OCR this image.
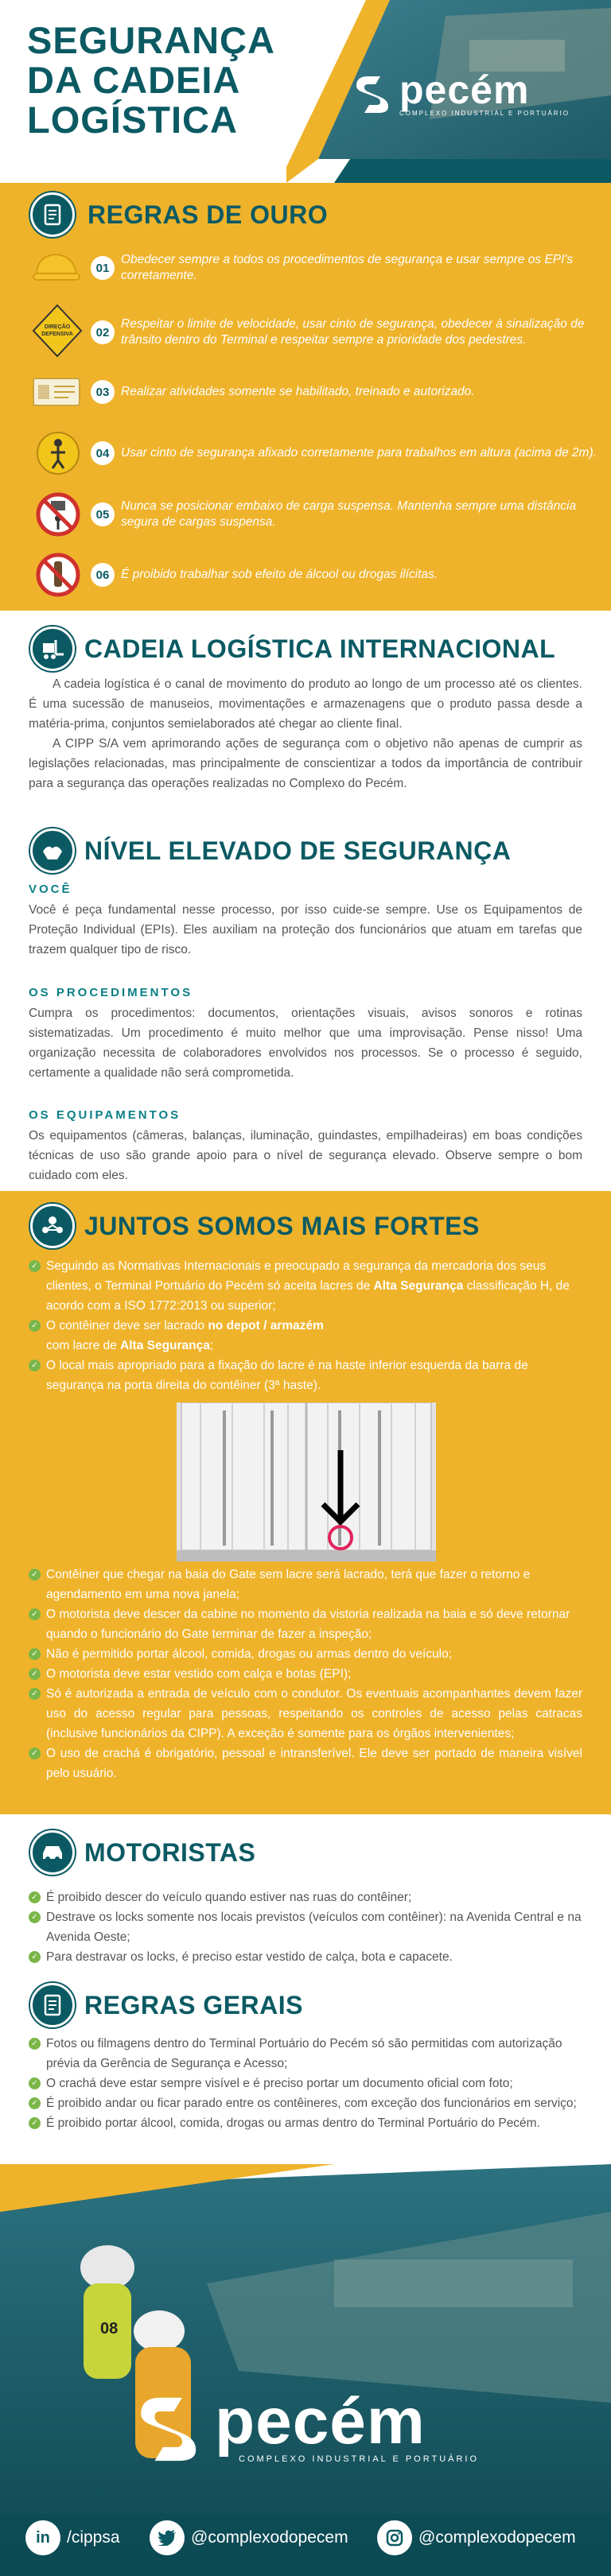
SEGURANÇA
DA CADEIA
LOGÍSTICA
pecém
COMPLEXO INDUSTRIAL E PORTUÁRIO
REGRAS DE OURO
01
Obedecer sempre a todos os procedimentos de segurança e usar sempre os EPI's corretamente.
DIREÇÃO
DEFENSIVA	02
Respeitar o limite de velocidade, usar cinto de segurança, obedecer à sinalização de trânsito dentro do Terminal e respeitar sempre a prioridade dos pedestres.
03 Realizar atividades somente se habilitado, treinado e autorizado.
04 Usar cinto de segurança afixado corretamente para trabalhos em altura (acima de 2m).
05
Nunca se posicionar embaixo de carga suspensa. Mantenha sempre uma distância segura de cargas suspensa.
06 É proibido trabalhar sob efeito de álcool ou drogas ilícitas.
CADEIA LOGÍSTICA INTERNACIONAL
A cadeia logística é o canal de movimento do produto ao longo de um processo até os clientes. É uma sucessão de manuseios, movimentações e armazenagens que o produto passa desde a matéria-prima, conjuntos semielaborados até chegar ao cliente final.
A CIPP S/A vem aprimorando ações de segurança com o objetivo não apenas de cumprir as legislações relacionadas, mas principalmente de conscientizar a todos da importância de contribuir para a segurança das operações realizadas no Complexo do Pecém.
NÍVEL ELEVADO DE SEGURANÇA
VOCÊ
Você é peça fundamental nesse processo, por isso cuide-se sempre. Use os Equipamentos de Proteção Individual (EPIs). Eles auxiliam na proteção dos funcionários que atuam em tarefas que trazem qualquer tipo de risco.
OS PROCEDIMENTOS
Cumpra os procedimentos: documentos, orientações visuais, avisos sonoros e rotinas sistematizadas. Um procedimento é muito melhor que uma improvisação. Pense nisso! Uma organização necessita de colaboradores envolvidos nos processos. Se o processo é seguido, certamente a qualidade não será comprometida.
OS EQUIPAMENTOS
Os equipamentos (câmeras, balanças, iluminação, guindastes, empilhadeiras) em boas condições técnicas de uso são grande apoio para o nível de segurança elevado. Observe sempre o bom cuidado com eles.
JUNTOS SOMOS MAIS FORTES
✓ Seguindo as Normativas Internacionais e preocupado a segurança da mercadoria dos seus clientes, o Terminal Portuário do Pecém só aceita lacres de Alta Segurança classificação H, de acordo com a ISO 1772:2013 ou superior;
✓ O contêiner deve ser lacrado no depot / armazém
com lacre de Alta Segurança;
✓ O local mais apropriado para a fixação do lacre é na haste inferior esquerda da barra de segurança na porta direita do contêiner (3ª haste).
✓ Contêiner que chegar na baia do Gate sem lacre será lacrado, terá que fazer o retorno e agendamento em uma nova janela;
✓ O motorista deve descer da cabine no momento da vistoria realizada na baia e só deve retornar quando o funcionário do Gate terminar de fazer a inspeção;
✓ Não é permitido portar álcool, comida, drogas ou armas dentro do veículo;
✓ O motorista deve estar vestido com calça e botas (EPI);
✓ Só é autorizada a entrada de veículo com o condutor. Os eventuais acompanhantes devem fazer uso do acesso regular para pessoas, respeitando os controles de acesso pelas catracas (inclusive funcionários da CIPP). A exceção é somente para os órgãos intervenientes;
✓ O uso de crachá é obrigatório, pessoal e intransferível. Ele deve ser portado de maneira visível pelo usuário.
MOTORISTAS
✓ É proibido descer do veículo quando estiver nas ruas do contêiner;
✓ Destrave os locks somente nos locais previstos (veículos com contêiner): na Avenida Central e na Avenida Oeste;
✓ Para destravar os locks, é preciso estar vestido de calça, bota e capacete.
REGRAS GERAIS
✓ Fotos ou filmagens dentro do Terminal Portuário do Pecém só são permitidas com autorização prévia da Gerência de Segurança e Acesso;
✓ O crachá deve estar sempre visível e é preciso portar um documento oficial com foto;
✓ É proibido andar ou ficar parado entre os contêineres, com exceção dos funcionários em serviço;
✓ É proibido portar álcool, comida, drogas ou armas dentro do Terminal Portuário do Pecém.
08
pecém
COMPLEXO INDUSTRIAL E PORTUÁRIO
in	/cippsa	@complexodopecem	@complexodopecem
